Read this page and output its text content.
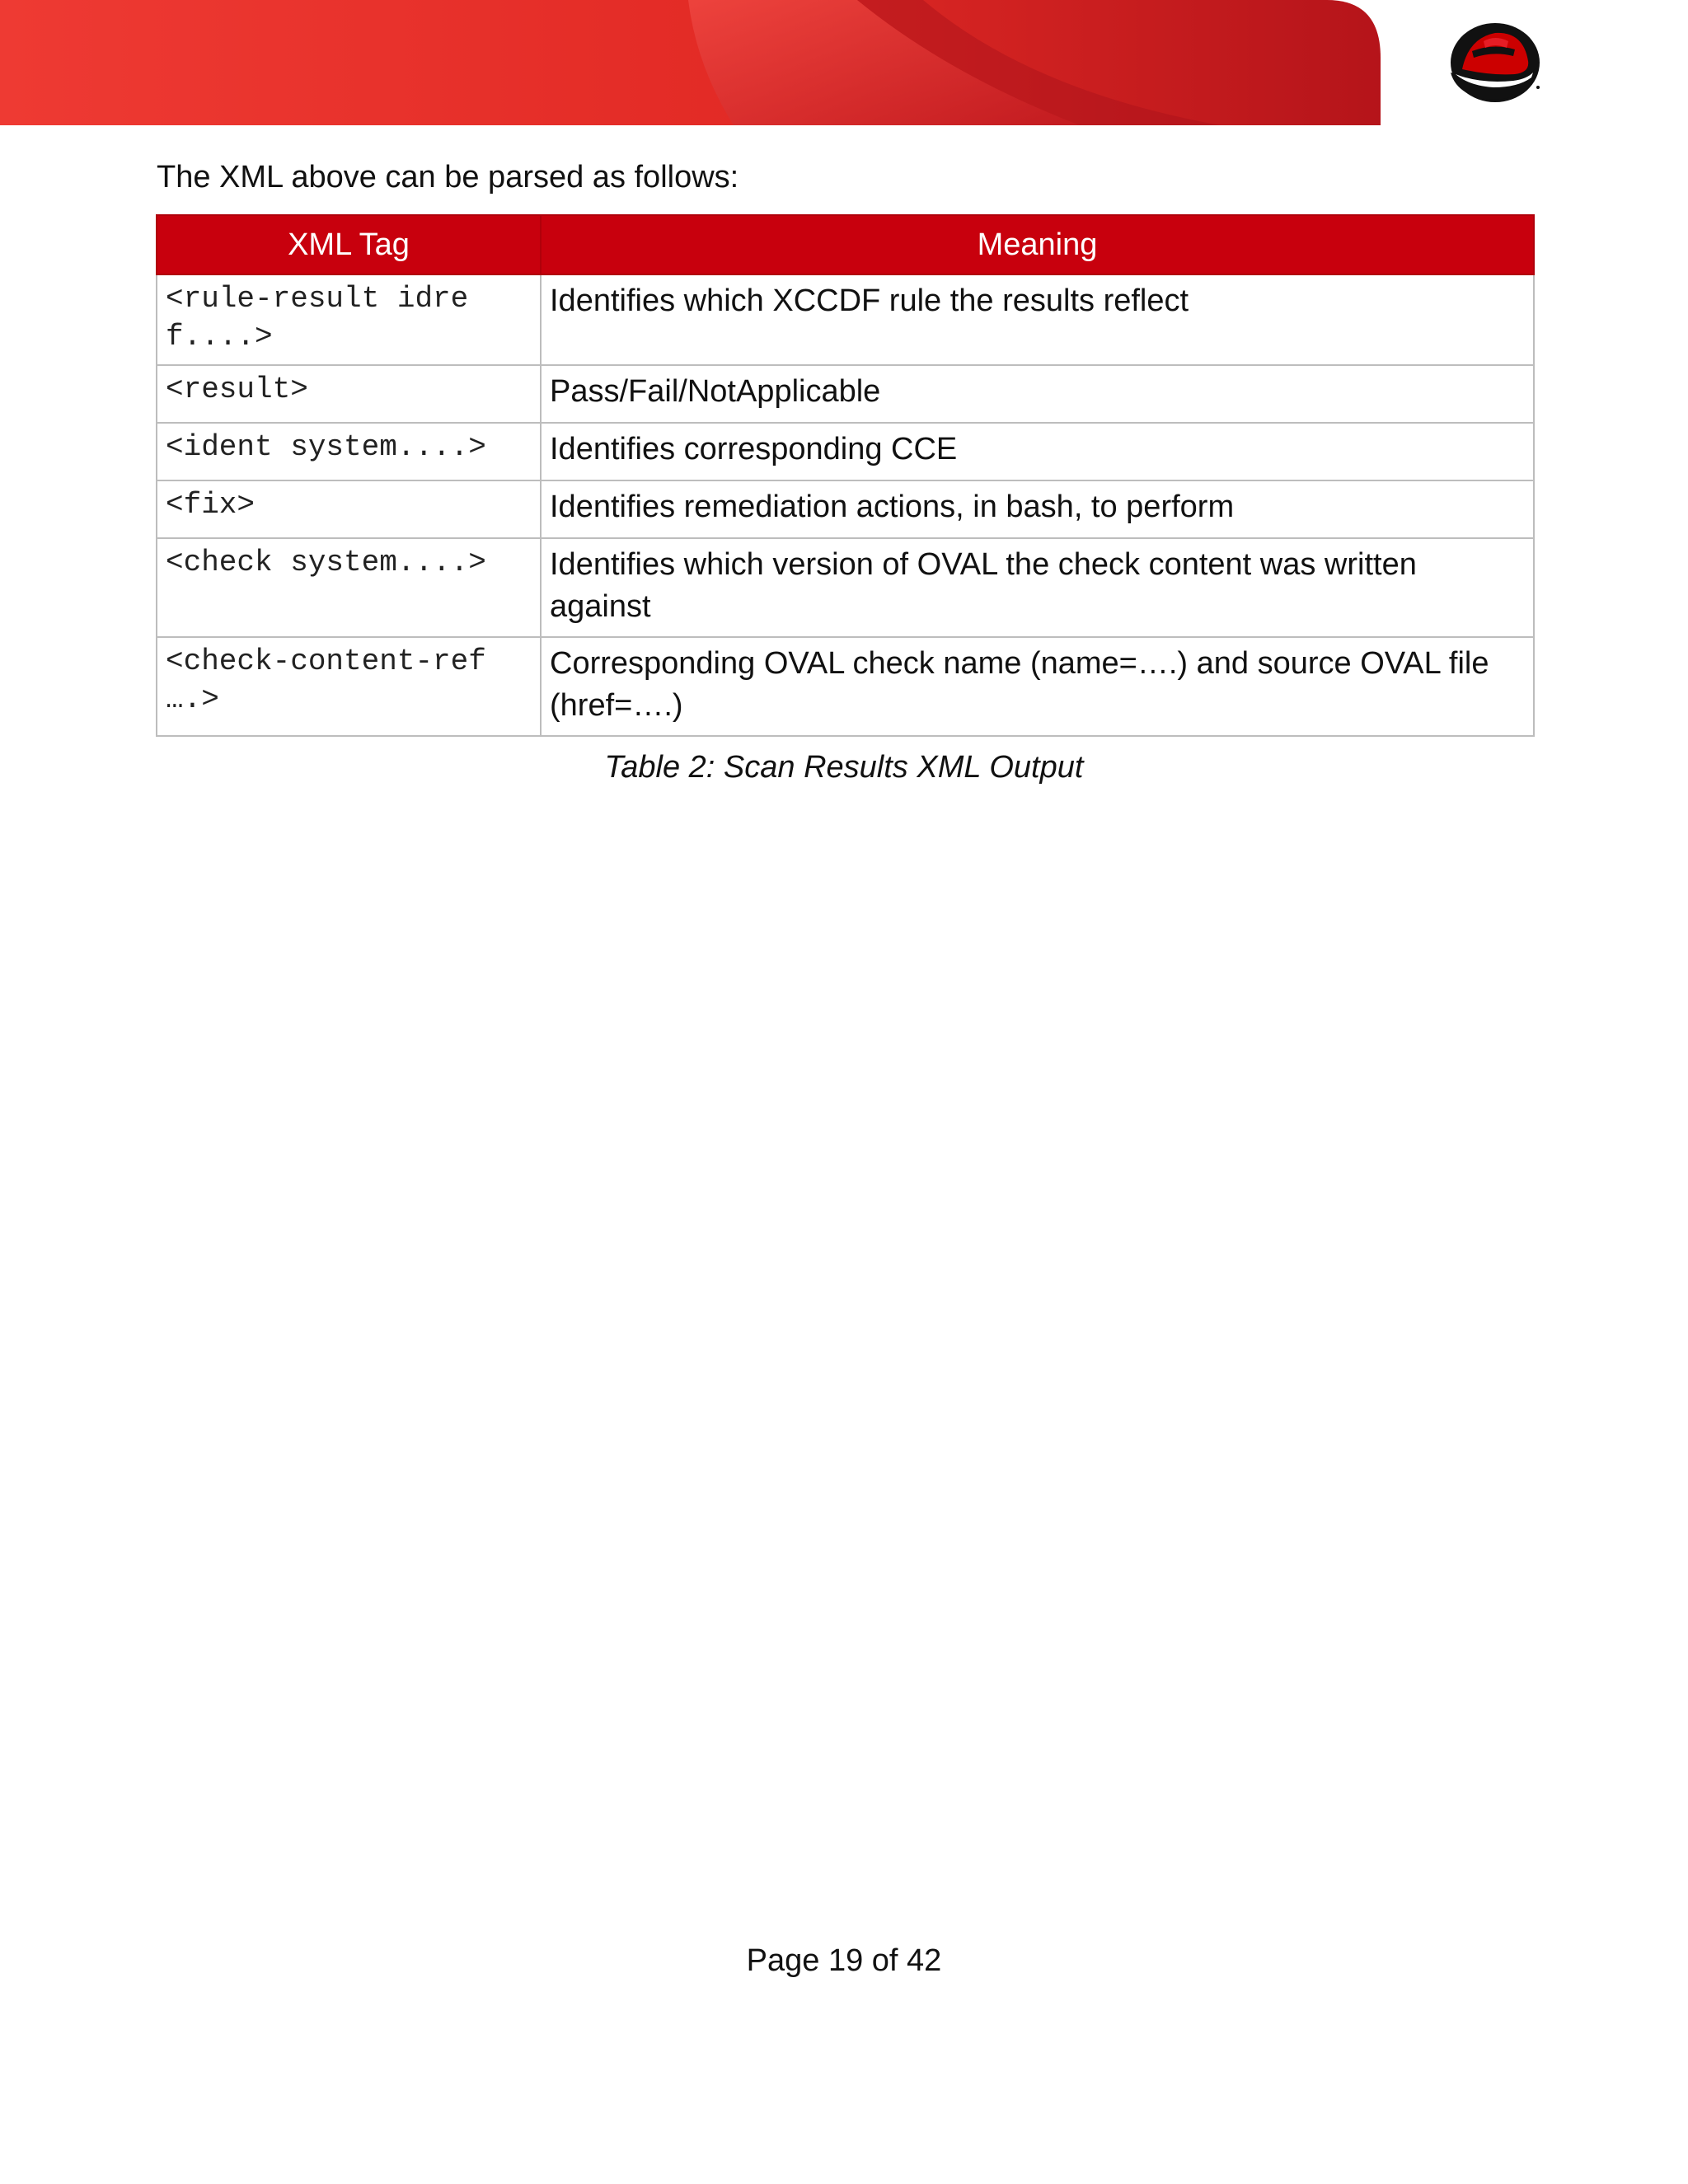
The XML above can be parsed as follows:

XML Tag	Meaning
<rule-result idref....>	Identifies which XCCDF rule the results reflect
<result>	Pass/Fail/NotApplicable
<ident system....>	Identifies corresponding CCE
<fix>	Identifies remediation actions, in bash, to perform
<check system....>	Identifies which version of OVAL the check content was written against
<check-content-ref ….>	Corresponding OVAL check name (name=….) and source OVAL file (href=….)
Table 2: Scan Results XML Output
Page 19 of 42
